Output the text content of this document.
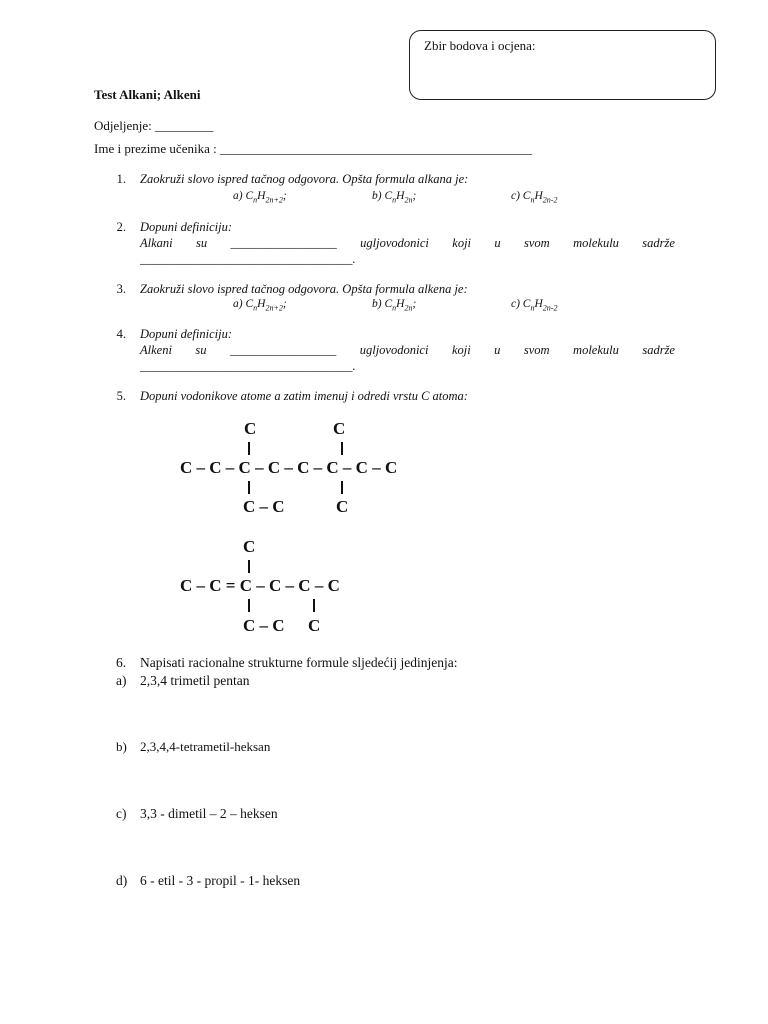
Zbir bodova i ocjena:
Test Alkani; Alkeni
Odjeljenje: _________
Ime i prezime učenika : ________________________________________________
1. Zaokruži slovo ispred tačnog odgovora. Opšta formula alkana je:
a) $C_nH_{2n+2}$;	b) $C_nH_{2n}$;	c) $C_nH_{2n-2}$
2. Dopuni definiciju:
Alkani su _________________ ugljovodonici koji u svom molekulu sadrže
__________________________________.
3. Zaokruži slovo ispred tačnog odgovora. Opšta formula alkena je:
a) $C_nH_{2n+2}$;	b) $C_nH_{2n}$;	c) $C_nH_{2n-2}$
4. Dopuni definiciju:
Alkeni su _________________ ugljovodonici koji u svom molekulu sadrže
__________________________________.
5. Dopuni vodonikove atome a zatim imenuj i odredi vrstu C atoma:
C	C
C – C – C – C – C – C – C – C
C – C	C
C
C – C = C – C – C – C
C – C C
6. Napisati racionalne strukturne formule sljedećij jedinjenja:
a) 2,3,4 trimetil pentan
b) 2,3,4,4-tetrametil-heksan
c) 3,3 - dimetil – 2 – heksen
d) 6 - etil - 3 - propil - 1- heksen
